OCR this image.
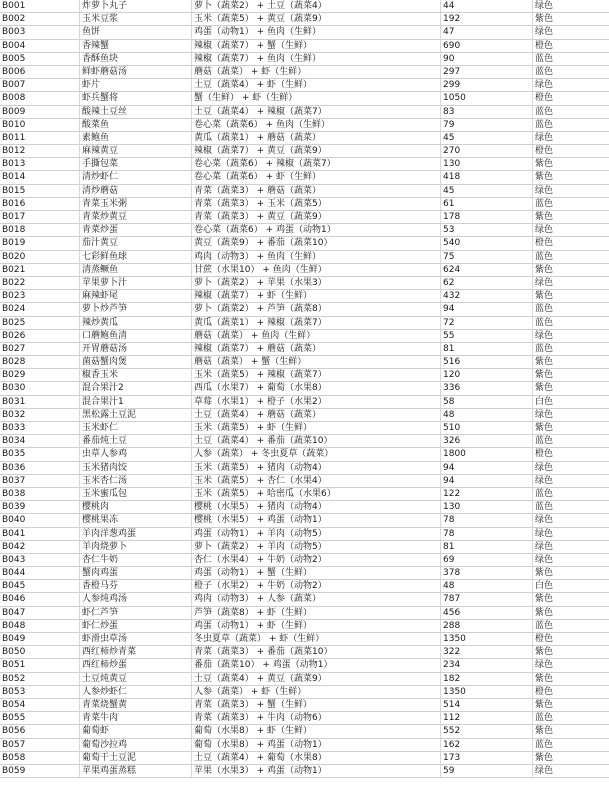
B001	炸萝卜丸子	萝卜（蔬菜2） + 土豆（蔬菜4）	44	绿色
B002	玉米豆浆	玉米（蔬菜5） + 黄豆（蔬菜9）	192	紫色
B003	鱼饼	鸡蛋（动物1） + 鱼肉（生鲜）	47	绿色
B004	香辣蟹	辣椒（蔬菜7） + 蟹（生鲜）	690	橙色
B005	香酥鱼块	辣椒（蔬菜7） + 鱼肉（生鲜）	90	蓝色
B006	鲜虾蘑菇汤	蘑菇（蔬菜） + 虾（生鲜）	297	蓝色
B007	虾片	土豆（蔬菜4） + 虾（生鲜）	299	绿色
B008	虾兵蟹将	蟹（生鲜） + 虾（生鲜）	1050	橙色
B009	酸辣土豆丝	土豆（蔬菜4） + 辣椒（蔬菜7）	83	蓝色
B010	酸菜鱼	卷心菜（蔬菜6） + 鱼肉（生鲜）	79	蓝色
B011	素鲍鱼	黄瓜（蔬菜1） + 蘑菇（蔬菜）	45	绿色
B012	麻辣黄豆	辣椒（蔬菜7） + 黄豆（蔬菜9）	270	橙色
B013	手撕包菜	卷心菜（蔬菜6） + 辣椒（蔬菜7）	130	紫色
B014	清炒虾仁	卷心菜（蔬菜6） + 虾（生鲜）	418	紫色
B015	清炒蘑菇	青菜（蔬菜3） + 蘑菇（蔬菜）	45	绿色
B016	青菜玉米粥	青菜（蔬菜3） + 玉米（蔬菜5）	61	蓝色
B017	青菜炒黄豆	青菜（蔬菜3） + 黄豆（蔬菜9）	178	紫色
B018	青菜炒蛋	卷心菜（蔬菜6） + 鸡蛋（动物1）	53	绿色
B019	茄汁黄豆	黄豆（蔬菜9） + 番茄（蔬菜10）	540	橙色
B020	七彩鲜鱼球	鸡肉（动物3） + 鱼肉（生鲜）	75	蓝色
B021	清蒸鳜鱼	甘蔗（水果10） + 鱼肉（生鲜）	624	紫色
B022	苹果萝卜汁	萝卜（蔬菜2） + 苹果（水果3）	62	绿色
B023	麻辣虾尾	辣椒（蔬菜7） + 虾（生鲜）	432	紫色
B024	萝卜炒芦笋	萝卜（蔬菜2） + 芦笋（蔬菜8）	94	蓝色
B025	辣炒黄瓜	黄瓜（蔬菜1） + 辣椒（蔬菜7）	72	蓝色
B026	口蘑鲍鱼清	蘑菇（蔬菜） + 鱼肉（生鲜）	55	绿色
B027	开胃蘑菇汤	辣椒（蔬菜7） + 蘑菇（蔬菜）	81	蓝色
B028	菌菇蟹肉煲	蘑菇（蔬菜） + 蟹（生鲜）	516	紫色
B029	椒香玉米	玉米（蔬菜5） + 辣椒（蔬菜7）	120	紫色
B030	混合果汁2	西瓜（水果7） + 葡萄（水果8）	336	紫色
B031	混合果汁1	草莓（水果1） + 橙子（水果2）	58	白色
B032	黑松露土豆泥	土豆（蔬菜4） + 蘑菇（蔬菜）	48	绿色
B033	玉米虾仁	玉米（蔬菜5） + 虾（生鲜）	510	紫色
B034	番茄炖土豆	土豆（蔬菜4） + 番茄（蔬菜10）	326	蓝色
B035	虫草人参鸡	人参（蔬菜） + 冬虫夏草（蔬菜）	1800	橙色
B036	玉米猪肉饺	玉米（蔬菜5） + 猪肉（动物4）	94	绿色
B037	玉米杏仁汤	玉米（蔬菜5） + 杏仁（水果4）	94	绿色
B038	玉米蜜瓜包	玉米（蔬菜5） + 哈密瓜（水果6）	122	蓝色
B039	樱桃肉	樱桃（水果5） + 猪肉（动物4）	130	蓝色
B040	樱桃果冻	樱桃（水果5） + 鸡蛋（动物1）	78	绿色
B041	羊肉洋葱鸡蛋	鸡蛋（动物1） + 羊肉（动物5）	78	绿色
B042	羊肉烧萝卜	萝卜（蔬菜2） + 羊肉（动物5）	81	绿色
B043	杏仁牛奶	杏仁（水果4） + 牛奶（动物2）	69	绿色
B044	蟹肉鸡蛋	鸡蛋（动物1） + 蟹（生鲜）	378	紫色
B045	香橙马芬	橙子（水果2） + 牛奶（动物2）	48	白色
B046	人参炖鸡汤	鸡肉（动物3） + 人参（蔬菜）	787	紫色
B047	虾仁芦笋	芦笋（蔬菜8） + 虾（生鲜）	456	紫色
B048	虾仁炒蛋	鸡蛋（动物1） + 虾（生鲜）	288	蓝色
B049	虾滑虫草汤	冬虫夏草（蔬菜） + 虾（生鲜）	1350	橙色
B050	西红柿炒青菜	青菜（蔬菜3） + 番茄（蔬菜10）	322	紫色
B051	西红柿炒蛋	番茄（蔬菜10） + 鸡蛋（动物1）	234	绿色
B052	土豆炖黄豆	土豆（蔬菜4） + 黄豆（蔬菜9）	182	紫色
B053	人参炒虾仁	人参（蔬菜） + 虾（生鲜）	1350	橙色
B054	青菜烧蟹黄	青菜（蔬菜3） + 蟹（生鲜）	514	紫色
B055	青菜牛肉	青菜（蔬菜3） + 牛肉（动物6）	112	蓝色
B056	葡萄虾	葡萄（水果8） + 虾（生鲜）	552	紫色
B057	葡萄沙拉鸡	葡萄（水果8） + 鸡蛋（动物1）	162	蓝色
B058	葡萄干土豆泥	土豆（蔬菜4） + 葡萄（水果8）	173	紫色
B059	苹果鸡蛋蒸糕	苹果（水果3） + 鸡蛋（动物1）	59	绿色
